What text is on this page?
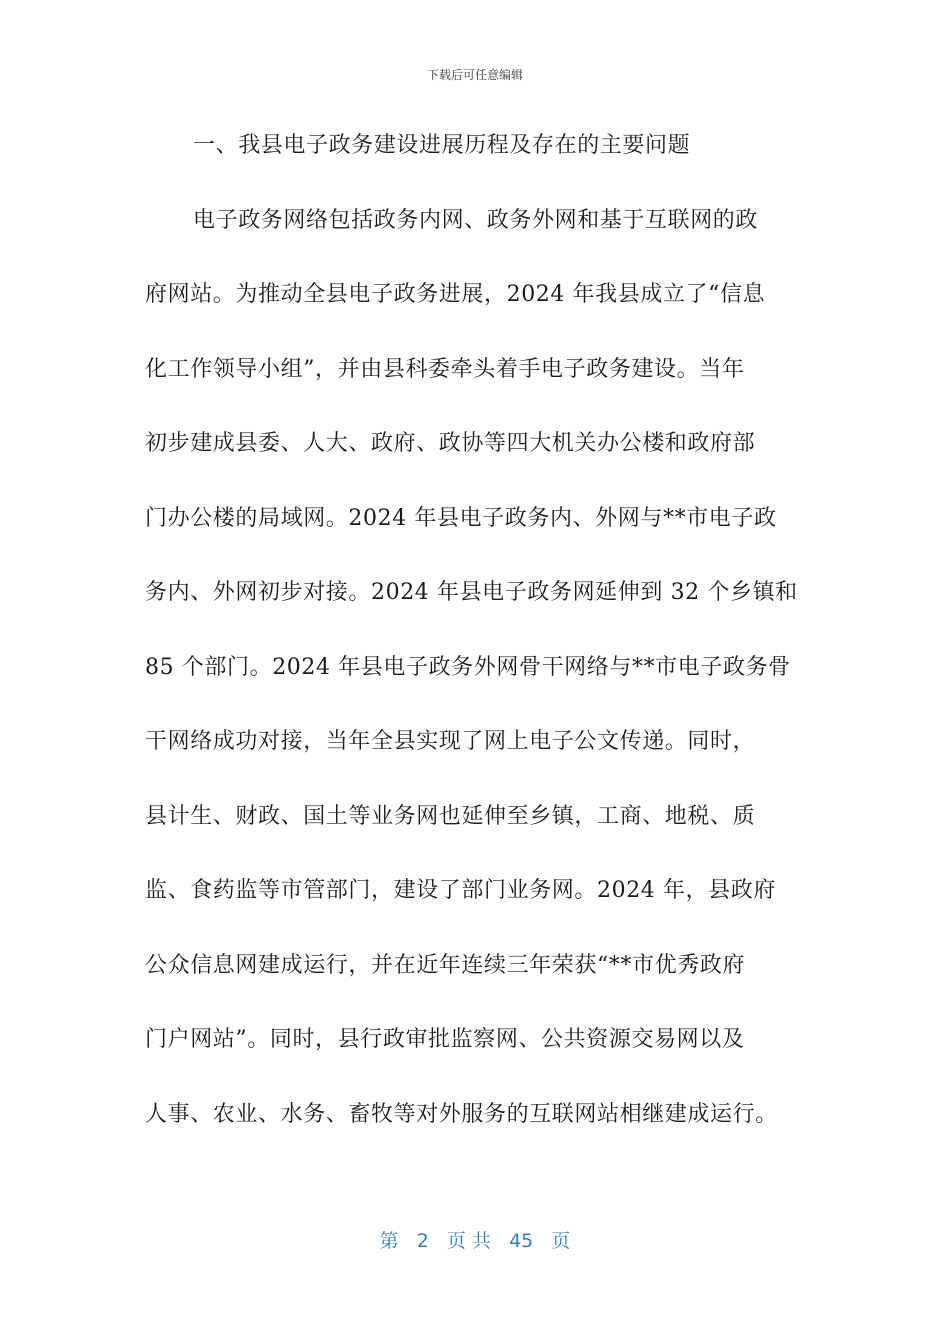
下载后可任意编辑
一、我县电子政务建设进展历程及存在的主要问题
电子政务网络包括政务内网、政务外网和基于互联网的政
府网站。为推动全县电子政务进展，2024 年我县成立了“信息
化工作领导小组”，并由县科委牵头着手电子政务建设。当年
初步建成县委、人大、政府、政协等四大机关办公楼和政府部
门办公楼的局域网。2024 年县电子政务内、外网与**市电子政
务内、外网初步对接。2024 年县电子政务网延伸到 32 个乡镇和
85 个部门。2024 年县电子政务外网骨干网络与**市电子政务骨
干网络成功对接，当年全县实现了网上电子公文传递。同时，
县计生、财政、国土等业务网也延伸至乡镇，工商、地税、质
监、食药监等市管部门，建设了部门业务网。2024 年，县政府
公众信息网建成运行，并在近年连续三年荣获“**市优秀政府
门户网站”。同时，县行政审批监察网、公共资源交易网以及
人事、农业、水务、畜牧等对外服务的互联网站相继建成运行。
第 2 页 共 45 页
